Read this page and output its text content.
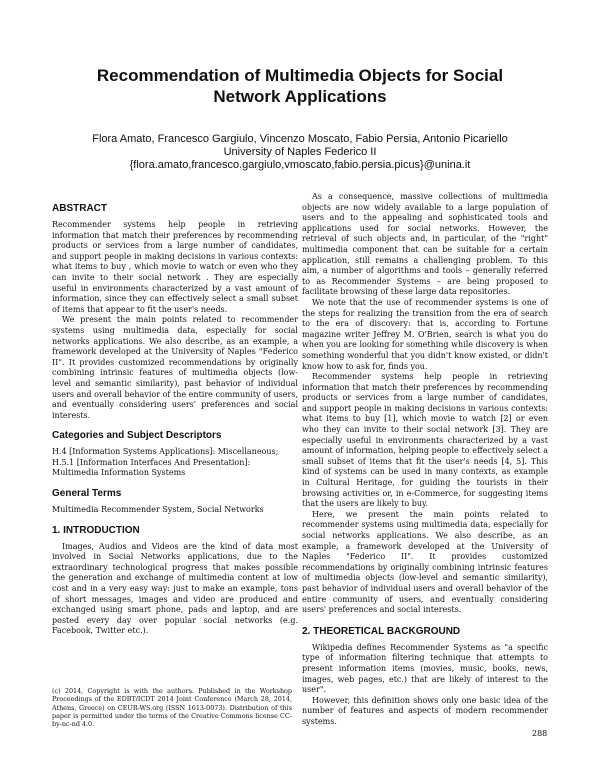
Recommendation of Multimedia Objects for Social
Network Applications
Flora Amato, Francesco Gargiulo, Vincenzo Moscato, Fabio Persia, Antonio Picariello
University of Naples Federico II
{flora.amato,francesco.gargiulo,vmoscato,fabio.persia.picus}@unina.it
ABSTRACT

Recommender systems help people in retrieving information that match their preferences by recommending products or services from a large number of candidates, and support people in making decisions in various contexts: what items to buy , which movie to watch or even who they can invite to their social network . They are especially useful in environments characterized by a vast amount of information, since they can effectively select a small subset of items that appear to fit the user's needs.

We present the main points related to recommender systems using multimedia data, especially for social networks applications. We also describe, as an example, a framework developed at the University of Naples "Federico II". It provides customized recommendations by originally combining intrinsic features of multimedia objects (low-level and semantic similarity), past behavior of individual users and overall behavior of the entire community of users, and eventually considering users' preferences and social interests.

Categories and Subject Descriptors

H.4 [Information Systems Applications]: Miscellaneous; H.5.1 [Information Interfaces And Presentation]: Multimedia Information Systems

General Terms

Multimedia Recommender System, Social Networks

1. INTRODUCTION

Images, Audios and Videos are the kind of data most involved in Social Networks applications, due to the extraordinary technological progress that makes possible the generation and exchange of multimedia content at low cost and in a very easy way: just to make an example, tons of short messages, images and video are produced and exchanged using smart phone, pads and laptop, and are posted every day over popular social networks (e.g. Facebook, Twitter etc.).

As a consequence, massive collections of multimedia objects are now widely available to a large population of users and to the appealing and sophisticated tools and applications used for social networks. However, the retrieval of such objects and, in particular, of the "right" multimedia component that can be suitable for a certain application, still remains a challenging problem. To this aim, a number of algorithms and tools – generally referred to as Recommender Systems – are being proposed to facilitate browsing of these large data repositories.

We note that the use of recommender systems is one of the steps for realizing the transition from the era of search to the era of discovery: that is, according to Fortune magazine writer Jeffrey M. O'Brien, search is what you do when you are looking for something while discovery is when something wonderful that you didn't know existed, or didn't know how to ask for, finds you.

Recommender systems help people in retrieving information that match their preferences by recommending products or services from a large number of candidates, and support people in making decisions in various contexts: what items to buy [1], which movie to watch [2] or even who they can invite to their social network [3]. They are especially useful in environments characterized by a vast amount of information, helping people to effectively select a small subset of items that fit the user's needs [4, 5]. This kind of systems can be used in many contexts, as example in Cultural Heritage, for guiding the tourists in their browsing activities or, in e-Commerce, for suggesting items that the users are likely to buy.

Here, we present the main points related to recommender systems using multimedia data, especially for social networks applications. We also describe, as an example, a framework developed at the University of Naples "Federico II". It provides customized recommendations by originally combining intrinsic features of multimedia objects (low-level and semantic similarity), past behavior of individual users and overall behavior of the entire community of users, and eventually considering users' preferences and social interests.

2. THEORETICAL BACKGROUND

Wikipedia defines Recommender Systems as "a specific type of information filtering technique that attempts to present information items (movies, music, books, news, images, web pages, etc.) that are likely of interest to the user".

However, this definition shows only one basic idea of the number of features and aspects of modern recommender systems.

(c) 2014, Copyright is with the authors. Published in the Workshop Proceedings of the EDBT/ICDT 2014 Joint Conference (March 28, 2014, Athens, Greece) on CEUR-WS.org (ISSN 1613-0073). Distribution of this paper is permitted under the terms of the Creative Commons license CC-by-nc-nd 4.0.
288
